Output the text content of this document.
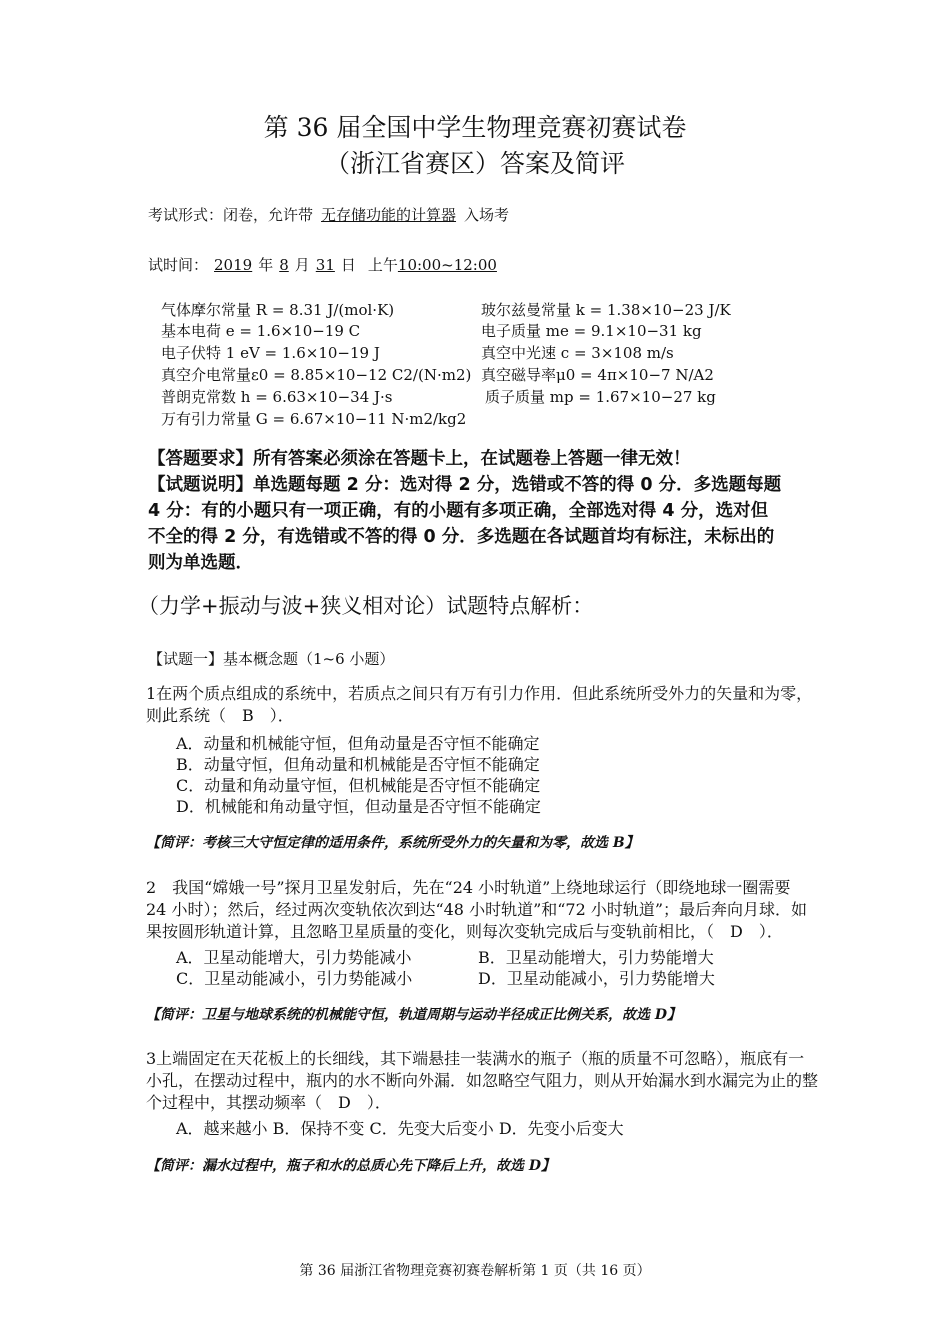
第 36 届全国中学生物理竞赛初赛试卷
（浙江省赛区）答案及简评
考试形式：闭卷，允许带 无存储功能的计算器 入场考
试时间： 2019 年 8 月 31 日 上午10:00~12:00
气体摩尔常量 R = 8.31 J/(mol·K)
基本电荷 e = 1.6×10−19 C
电子伏特 1 eV = 1.6×10−19 J
真空介电常量ε0 = 8.85×10−12 C2/(N·m2)
普朗克常数 h = 6.63×10−34 J·s
万有引力常量 G = 6.67×10−11 N·m2/kg2
玻尔兹曼常量 k = 1.38×10−23 J/K
电子质量 me = 9.1×10−31 kg
真空中光速 c = 3×108 m/s
真空磁导率μ0 = 4π×10−7 N/A2
质子质量 mp = 1.67×10−27 kg
【答题要求】所有答案必须涂在答题卡上，在试题卷上答题一律无效！
【试题说明】单选题每题 2 分：选对得 2 分，选错或不答的得 0 分．多选题每题
4 分：有的小题只有一项正确，有的小题有多项正确，全部选对得 4 分，选对但
不全的得 2 分，有选错或不答的得 0 分．多选题在各试题首均有标注，未标出的
则为单选题．
（力学+振动与波+狭义相对论）试题特点解析：
【试题一】基本概念题（1~6 小题）
1在两个质点组成的系统中，若质点之间只有万有引力作用．但此系统所受外力的矢量和为零，
则此系统（　B　）．
A．动量和机械能守恒，但角动量是否守恒不能确定
B．动量守恒，但角动量和机械能是否守恒不能确定
C．动量和角动量守恒，但机械能是否守恒不能确定
D．机械能和角动量守恒，但动量是否守恒不能确定
【简评：考核三大守恒定律的适用条件，系统所受外力的矢量和为零，故选 B】
2　我国“嫦娥一号”探月卫星发射后，先在“24 小时轨道”上绕地球运行（即绕地球一圈需要
24 小时）；然后，经过两次变轨依次到达“48 小时轨道”和“72 小时轨道”；最后奔向月球．如
果按圆形轨道计算，且忽略卫星质量的变化，则每次变轨完成后与变轨前相比，（　D　）．
A．卫星动能增大，引力势能减小	B．卫星动能增大，引力势能增大
C．卫星动能减小，引力势能减小	D．卫星动能减小，引力势能增大
【简评：卫星与地球系统的机械能守恒，轨道周期与运动半径成正比例关系，故选 D】
3上端固定在天花板上的长细线，其下端悬挂一装满水的瓶子（瓶的质量不可忽略），瓶底有一
小孔，在摆动过程中，瓶内的水不断向外漏．如忽略空气阻力，则从开始漏水到水漏完为止的整
个过程中，其摆动频率（　D　）．
A．越来越小 B．保持不变 C．先变大后变小 D．先变小后变大
【简评：漏水过程中，瓶子和水的总质心先下降后上升，故选 D】
第 36 届浙江省物理竞赛初赛卷解析第 1 页（共 16 页）
